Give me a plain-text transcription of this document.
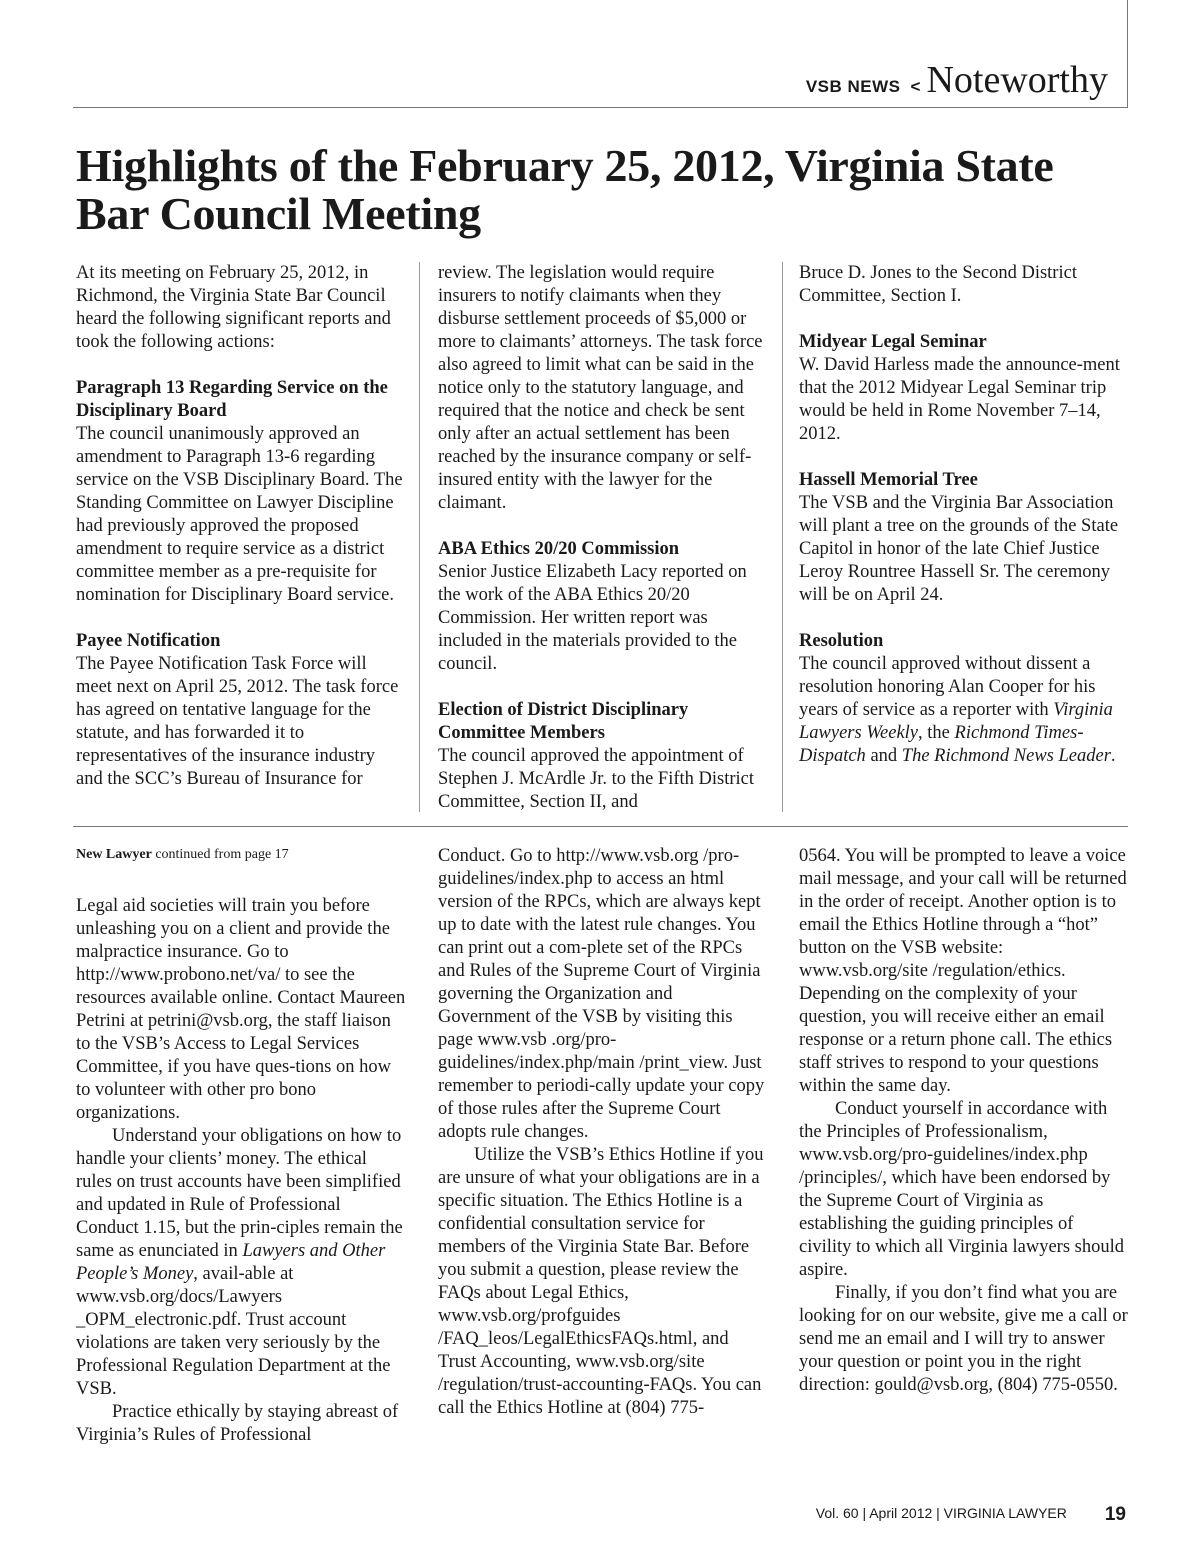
VSB NEWS < Noteworthy
Highlights of the February 25, 2012, Virginia State Bar Council Meeting

At its meeting on February 25, 2012, in Richmond, the Virginia State Bar Council heard the following significant reports and took the following actions:

Paragraph 13 Regarding Service on the Disciplinary Board

The council unanimously approved an amendment to Paragraph 13-6 regarding service on the VSB Disciplinary Board. The Standing Committee on Lawyer Discipline had previously approved the proposed amendment to require service as a district committee member as a pre-requisite for nomination for Disciplinary Board service.

Payee Notification

The Payee Notification Task Force will meet next on April 25, 2012. The task force has agreed on tentative language for the statute, and has forwarded it to representatives of the insurance industry and the SCC’s Bureau of Insurance for

review. The legislation would require insurers to notify claimants when they disburse settlement proceeds of $5,000 or more to claimants’ attorneys. The task force also agreed to limit what can be said in the notice only to the statutory language, and required that the notice and check be sent only after an actual settlement has been reached by the insurance company or self-insured entity with the lawyer for the claimant.

ABA Ethics 20/20 Commission

Senior Justice Elizabeth Lacy reported on the work of the ABA Ethics 20/20 Commission. Her written report was included in the materials provided to the council.

Election of District Disciplinary Committee Members

The council approved the appointment of Stephen J. McArdle Jr. to the Fifth District Committee, Section II, and

Bruce D. Jones to the Second District Committee, Section I.

Midyear Legal Seminar

W. David Harless made the announce-ment that the 2012 Midyear Legal Seminar trip would be held in Rome November 7–14, 2012.

Hassell Memorial Tree

The VSB and the Virginia Bar Association will plant a tree on the grounds of the State Capitol in honor of the late Chief Justice Leroy Rountree Hassell Sr. The ceremony will be on April 24.

Resolution

The council approved without dissent a resolution honoring Alan Cooper for his years of service as a reporter with Virginia Lawyers Weekly, the Richmond Times-Dispatch and The Richmond News Leader.

New Lawyer continued from page 17

Legal aid societies will train you before unleashing you on a client and provide the malpractice insurance. Go to http://www.probono.net/va/ to see the resources available online. Contact Maureen Petrini at petrini@vsb.org, the staff liaison to the VSB’s Access to Legal Services Committee, if you have ques-tions on how to volunteer with other pro bono organizations.

Understand your obligations on how to handle your clients’ money. The ethical rules on trust accounts have been simplified and updated in Rule of Professional Conduct 1.15, but the prin-ciples remain the same as enunciated in Lawyers and Other People’s Money, avail-able at www.vsb.org/docs/Lawyers _OPM_electronic.pdf. Trust account violations are taken very seriously by the Professional Regulation Department at the VSB.

Practice ethically by staying abreast of Virginia’s Rules of Professional

Conduct. Go to http://www.vsb.org /pro-guidelines/index.php to access an html version of the RPCs, which are always kept up to date with the latest rule changes. You can print out a com-plete set of the RPCs and Rules of the Supreme Court of Virginia governing the Organization and Government of the VSB by visiting this page www.vsb .org/pro-guidelines/index.php/main /print_view. Just remember to periodi-cally update your copy of those rules after the Supreme Court adopts rule changes.

Utilize the VSB’s Ethics Hotline if you are unsure of what your obligations are in a specific situation. The Ethics Hotline is a confidential consultation service for members of the Virginia State Bar. Before you submit a question, please review the FAQs about Legal Ethics, www.vsb.org/profguides /FAQ_leos/LegalEthicsFAQs.html, and Trust Accounting, www.vsb.org/site /regulation/trust-accounting-FAQs. You can call the Ethics Hotline at (804) 775-

0564. You will be prompted to leave a voice mail message, and your call will be returned in the order of receipt. Another option is to email the Ethics Hotline through a “hot” button on the VSB website: www.vsb.org/site /regulation/ethics. Depending on the complexity of your question, you will receive either an email response or a return phone call. The ethics staff strives to respond to your questions within the same day.

Conduct yourself in accordance with the Principles of Professionalism, www.vsb.org/pro-guidelines/index.php /principles/, which have been endorsed by the Supreme Court of Virginia as establishing the guiding principles of civility to which all Virginia lawyers should aspire.

Finally, if you don’t find what you are looking for on our website, give me a call or send me an email and I will try to answer your question or point you in the right direction: gould@vsb.org, (804) 775-0550.

Vol. 60 | April 2012 | VIRGINIA LAWYER 19
